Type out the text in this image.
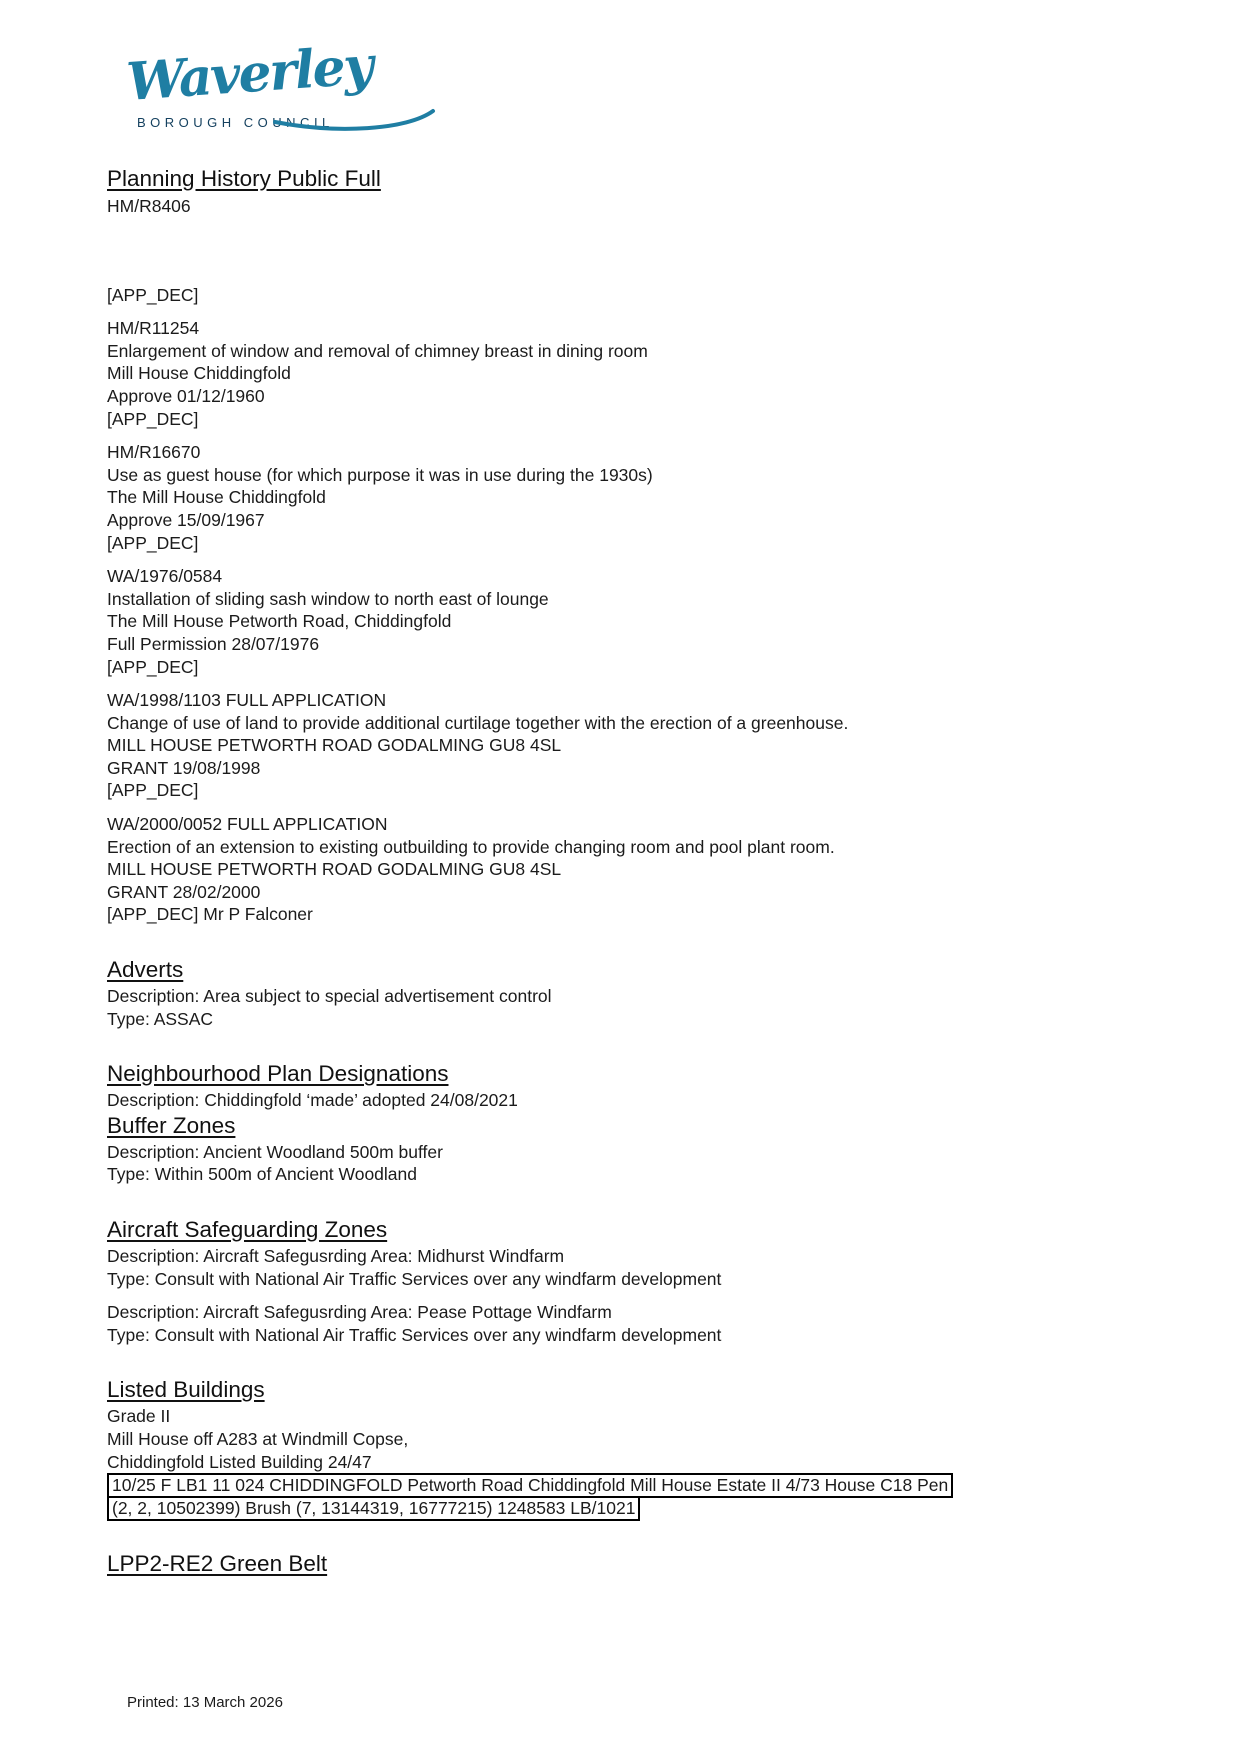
Waverley
BOROUGH COUNCIL
Planning History Public Full
HM/R8406
[APP_DEC]
HM/R11254
Enlargement of window and removal of chimney breast in dining room
Mill House Chiddingfold
Approve 01/12/1960
[APP_DEC]
HM/R16670
Use as guest house (for which purpose it was in use during the 1930s)
The Mill House Chiddingfold
Approve 15/09/1967
[APP_DEC]
WA/1976/0584
Installation of sliding sash window to north east of lounge
The Mill House Petworth Road, Chiddingfold
Full Permission 28/07/1976
[APP_DEC]
WA/1998/1103 FULL APPLICATION
Change of use of land to provide additional curtilage together with the erection of a greenhouse.
MILL HOUSE PETWORTH ROAD GODALMING GU8 4SL
GRANT 19/08/1998
[APP_DEC]
WA/2000/0052 FULL APPLICATION
Erection of an extension to existing outbuilding to provide changing room and pool plant room.
MILL HOUSE PETWORTH ROAD GODALMING GU8 4SL
GRANT 28/02/2000
[APP_DEC] Mr P Falconer
Adverts
Description: Area subject to special advertisement control
Type: ASSAC
Neighbourhood Plan Designations
Description: Chiddingfold ‘made’ adopted 24/08/2021
Buffer Zones
Description: Ancient Woodland 500m buffer
Type: Within 500m of Ancient Woodland
Aircraft Safeguarding Zones
Description: Aircraft Safegusrding Area: Midhurst Windfarm
Type: Consult with National Air Traffic Services over any windfarm development
Description: Aircraft Safegusrding Area: Pease Pottage Windfarm
Type: Consult with National Air Traffic Services over any windfarm development
Listed Buildings
Grade II
Mill House off A283 at Windmill Copse,
Chiddingfold Listed Building 24/47
10/25 F LB1 11 024 CHIDDINGFOLD Petworth Road Chiddingfold Mill House Estate II 4/73 House C18 Pen
(2, 2, 10502399) Brush (7, 13144319, 16777215) 1248583 LB/1021
LPP2-RE2 Green Belt
Printed: 13 March 2026
